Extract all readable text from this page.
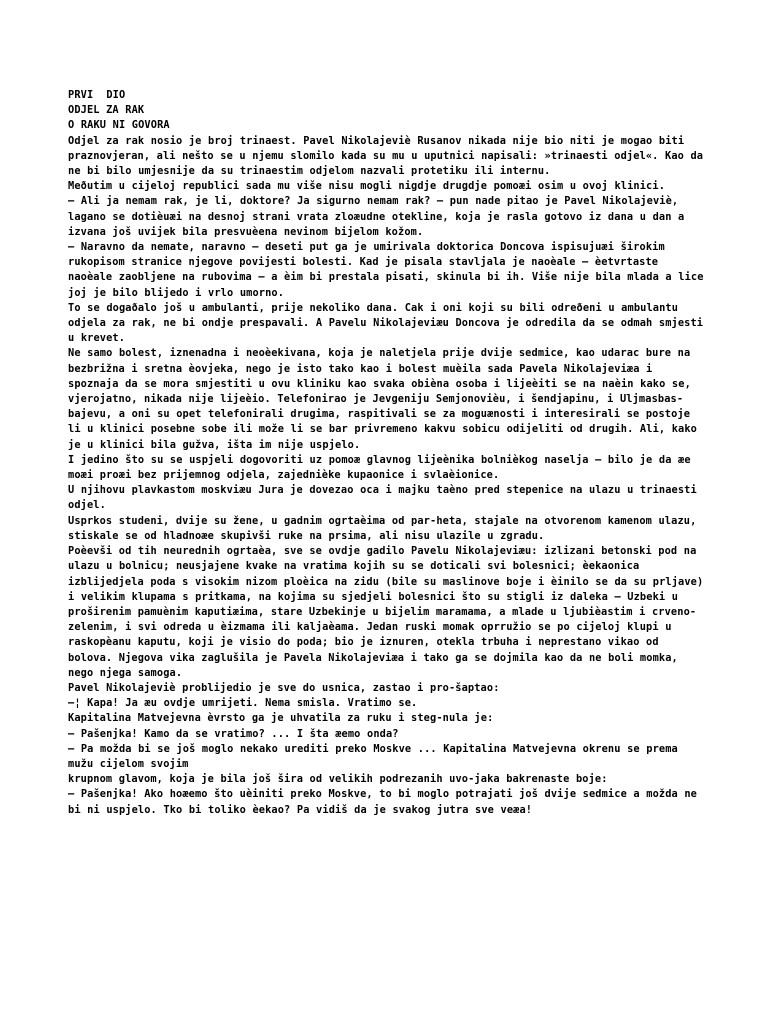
PRVI  DIO
ODJEL ZA RAK
O RAKU NI GOVORA

Odjel za rak nosio je broj trinaest. Pavel Nikolajeviè Rusanov nikada nije bio niti je mogao biti praznovjeran, ali nešto se u njemu slomilo kada su mu u uputnici napisali: »trinaesti odjel«. Kao da ne bi bilo umjesnije da su trinaestim odjelom nazvali protetiku ili internu.

Meðutim u cijeloj republici sada mu više nisu mogli nigdje drugdje pomoæi osim u ovoj klinici.

— Ali ja nemam rak, je li, doktore? Ja sigurno nemam rak? — pun nade pitao je Pavel Nikolajeviè, lagano se dotièuæi na desnoj strani vrata zloæudne otekline, koja je rasla gotovo iz dana u dan a izvana još uvijek bila presvuèena nevinom bijelom kožom.

— Naravno da nemate, naravno — deseti put ga je umirivala doktorica Doncova ispisujuæi širokim rukopisom stranice njegove povijesti bolesti. Kad je pisala stavljala je naoèale — èetvrtaste naoèale zaobljene na rubovima — a èim bi prestala pisati, skinula bi ih. Više nije bila mlada a lice joj je bilo blijedo i vrlo umorno.

To se dogaðalo još u ambulanti, prije nekoliko dana. Cak i oni koji su bili odreðeni u ambulantu odjela za rak, ne bi ondje prespavali. A Pavelu Nikolajeviæu Doncova je odredila da se odmah smjesti u krevet.

Ne samo bolest, iznenadna i neoèekivana, koja je naletjela prije dvije sedmice, kao udarac bure na bezbrižna i sretna èovjeka, nego je isto tako kao i bolest muèila sada Pavela Nikolajeviæa i spoznaja da se mora smjestiti u ovu kliniku kao svaka obièna osoba i lijeèiti se na naèin kako se, vjerojatno, nikada nije lijeèio. Telefonirao je Jevgeniju Semjonovièu, i šendjapinu, i Uljmasbas-bajevu, a oni su opet telefonirali drugima, raspitivali se za moguænosti i interesirali se postoje li u klinici posebne sobe ili može li se bar privremeno kakvu sobicu odijeliti od drugih. Ali, kako je u klinici bila gužva, išta im nije uspjelo.

I jedino što su se uspjeli dogovoriti uz pomoæ glavnog lijeènika bolnièkog naselja — bilo je da æe moæi proæi bez prijemnog odjela, zajednièke kupaonice i svlaèionice.

U njihovu plavkastom moskviæu Jura je dovezao oca i majku taèno pred stepenice na ulazu u trinaesti odjel.

Usprkos studeni, dvije su žene, u gadnim ogrtaèima od par-heta, stajale na otvorenom kamenom ulazu, stiskale se od hladnoæe skupivši ruke na prsima, ali nisu ulazile u zgradu.

Poèevši od tih neurednih ogrtaèa, sve se ovdje gadilo Pavelu Nikolajeviæu: izlizani betonski pod na ulazu u bolnicu; neusjajene kvake na vratima kojih su se doticali svi bolesnici; èekaonica izblijedjela poda s visokim nizom ploèica na zidu (bile su maslinove boje i èinilo se da su prljave) i velikim klupama s pritkama, na kojima su sjedjeli bolesnici što su stigli iz daleka — Uzbeki u proširenim pamuènim kaputiæima, stare Uzbekinje u bijelim maramama, a mlade u ljubièastim i crveno-zelenim, i svi odreda u èizmama ili kaljaèama. Jedan ruski momak oprružio se po cijeloj klupi u raskopèanu kaputu, koji je visio do poda; bio je iznuren, otekla trbuha i neprestano vikao od bolova. Njegova vika zaglušila je Pavela Nikolajeviæa i tako ga se dojmila kao da ne boli momka, nego njega samoga.

Pavel Nikolajeviè problijedio je sve do usnica, zastao i pro-šaptao:

—¦ Kapa! Ja æu ovdje umrijeti. Nema smisla. Vratimo se.

Kapitalina Matvejevna èvrsto ga je uhvatila za ruku i steg-nula je:

— Pašenjka! Kamo da se vratimo? ... I šta æemo onda?

— Pa možda bi se još moglo nekako urediti preko Moskve ... Kapitalina Matvejevna okrenu se prema mužu cijelom svojim

krupnom glavom, koja je bila još šira od velikih podrezanih uvo-jaka bakrenaste boje:

— Pašenjka! Ako hoæemo što uèiniti preko Moskve, to bi moglo potrajati još dvije sedmice a možda ne bi ni uspjelo. Tko bi toliko èekao? Pa vidiš da je svakog jutra sve veæa!
